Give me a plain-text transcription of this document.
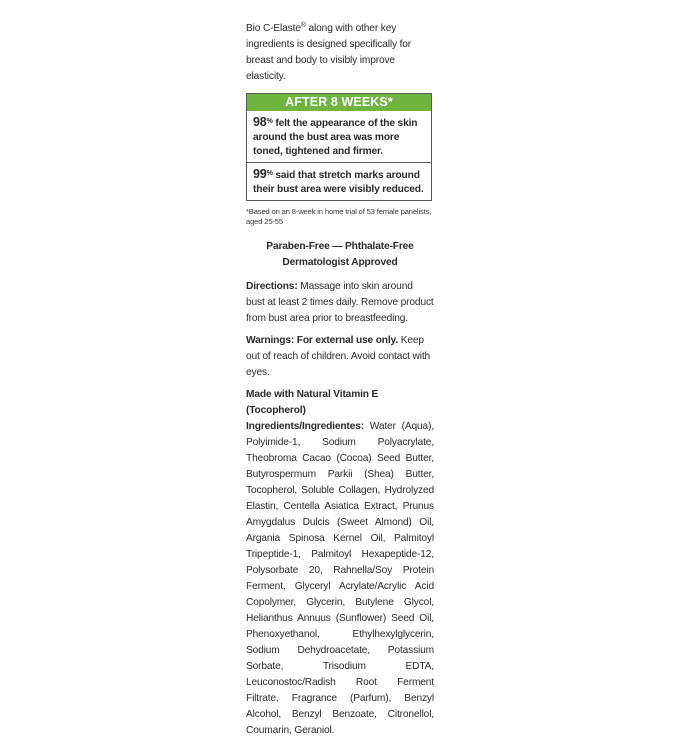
Bio C-Elaste® along with other key ingredients is designed specifically for breast and body to visibly improve elasticity.

AFTER 8 WEEKS*
98% felt the appearance of the skin around the bust area was more toned, tightened and firmer.
99% said that stretch marks around their bust area were visibly reduced.

*Based on an 8-week in home trial of 53 female panelists, aged 25-55

Paraben-Free — Phthalate-Free
Dermatologist Approved

Directions: Massage into skin around bust at least 2 times daily. Remove product from bust area prior to breastfeeding.

Warnings: For external use only. Keep out of reach of children. Avoid contact with eyes.

Made with Natural Vitamin E (Tocopherol)

Ingredients/Ingredientes: Water (Aqua), Polyimide-1, Sodium Polyacrylate, Theobroma Cacao (Cocoa) Seed Butter, Butyrospermum Parkii (Shea) Butter, Tocopherol, Soluble Collagen, Hydrolyzed Elastin, Centella Asiatica Extract, Prunus Amygdalus Dulcis (Sweet Almond) Oil, Argania Spinosa Kernel Oil, Palmitoyl Tripeptide-1, Palmitoyl Hexapeptide-12, Polysorbate 20, Rahnella/Soy Protein Ferment, Glyceryl Acrylate/Acrylic Acid Copolymer, Glycerin, Butylene Glycol, Helianthus Annuus (Sunflower) Seed Oil, Phenoxyethanol, Ethylhexylglycerin, Sodium Dehydroacetate, Potassium Sorbate, Trisodium EDTA, Leuconostoc/Radish Root Ferment Filtrate, Fragrance (Parfum), Benzyl Alcohol, Benzyl Benzoate, Citronellol, Coumarin, Geraniol.
